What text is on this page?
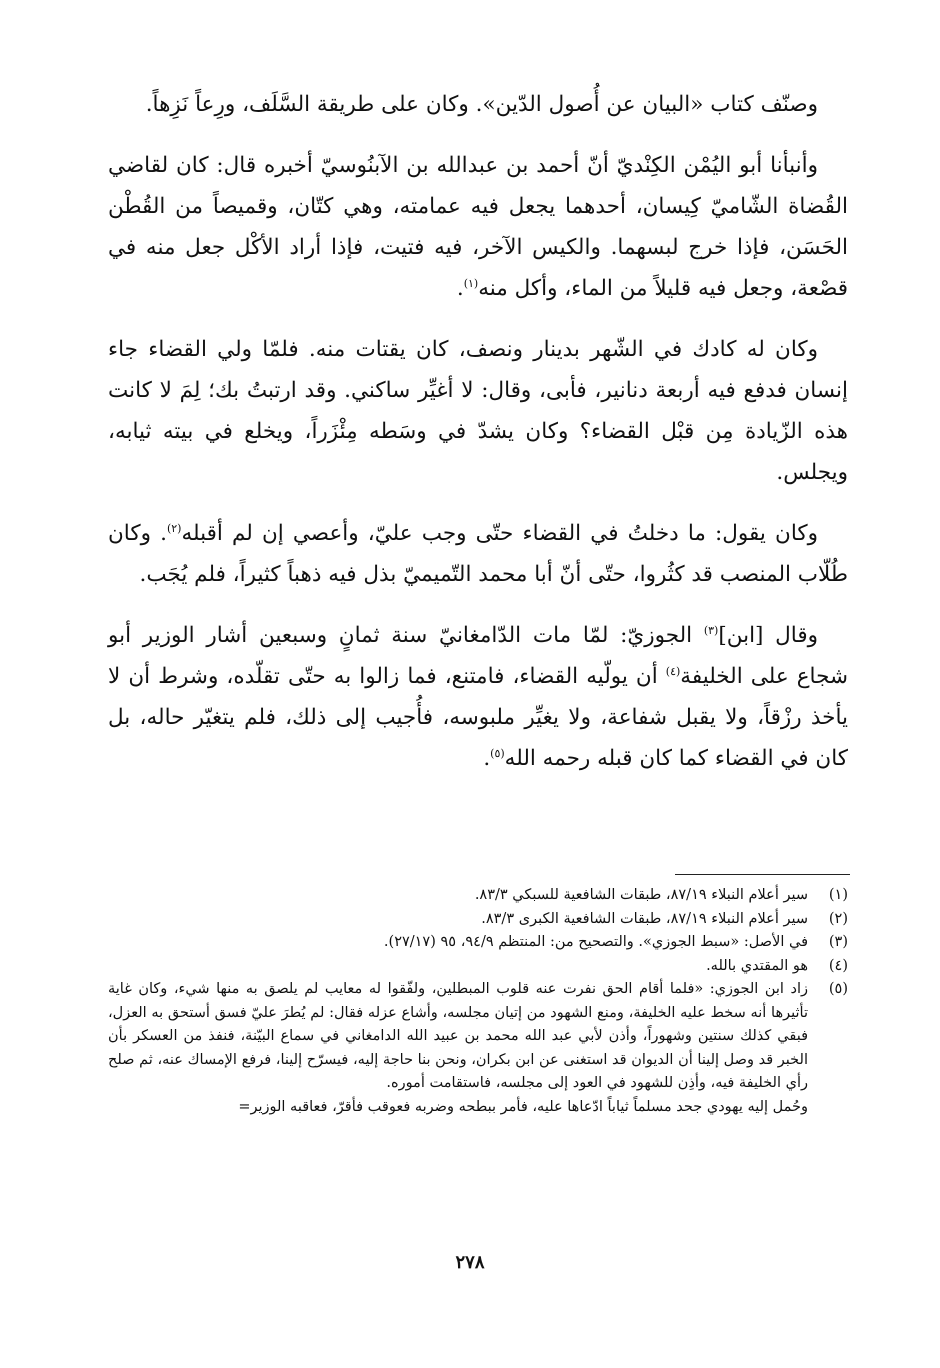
وصنّف كتاب «البيان عن أُصول الدّين». وكان على طريقة السَّلَف، ورِعاً نَزِهاً.

وأنبأنا أبو اليُمْن الكِنْديّ أنّ أحمد بن عبدالله بن الآبنُوسيّ أخبره قال: كان لقاضي القُضاة الشّاميّ كِيسان، أحدهما يجعل فيه عمامته، وهي كتّان، وقميصاً من القُطْن الحَسَن، فإذا خرج لبسهما. والكيس الآخر، فيه فتيت، فإذا أراد الأكْل جعل منه في قصْعة، وجعل فيه قليلاً من الماء، وأكل منه$^{(١)}$.

وكان له كادك في الشّهر بدينار ونصف، كان يقتات منه. فلمّا ولي القضاء جاء إنسان فدفع فيه أربعة دنانير، فأبى، وقال: لا أغيِّر ساكني. وقد ارتبتُ بك؛ لِمَ لا كانت هذه الزّيادة مِن قبْل القضاء؟ وكان يشدّ في وسَطه مِئْزَراً، ويخلع في بيته ثيابه، ويجلس.

وكان يقول: ما دخلتُ في القضاء حتّى وجب عليّ، وأعصي إن لم أقبله$^{(٢)}$. وكان طُلّاب المنصب قد كثُروا، حتّى أنّ أبا محمد التّميميّ بذل فيه ذهباً كثيراً، فلم يُجَب.

وقال [ابن]$^{(٣)}$ الجوزيّ: لمّا مات الدّامغانيّ سنة ثمانٍ وسبعين أشار الوزير أبو شجاع على الخليفة$^{(٤)}$ أن يولّيه القضاء، فامتنع، فما زالوا به حتّى تقلّده، وشرط أن لا يأخذ رزْقاً، ولا يقبل شفاعة، ولا يغيِّر ملبوسه، فأُجيب إلى ذلك، فلم يتغيّر حاله، بل كان في القضاء كما كان قبله رحمه الله$^{(٥)}$.

(١)
سير أعلام النبلاء ٨٧/١٩، طبقات الشافعية للسبكي ٨٣/٣.
(٢)
سير أعلام النبلاء ٨٧/١٩، طبقات الشافعية الكبرى ٨٣/٣.
(٣)
في الأصل: «سبط الجوزي». والتصحيح من: المنتظم ٩٤/٩، ٩٥ (٢٧/١٧).
(٤)
هو المقتدي بالله.
(٥)
زاد ابن الجوزي: «فلما أقام الحق نفرت عنه قلوب المبطلين، ولفّقوا له معايب لم يلصق به منها شيء، وكان غاية تأثيرها أنه سخط عليه الخليفة، ومنع الشهود من إتيان مجلسه، وأشاع عزله فقال: لم يُطرَ عليّ فسق أستحق به العزل، فبقي كذلك سنتين وشهوراً، وأذن لأبي عبد الله محمد بن عبيد الله الدامغاني في سماع البيّنة، فنفذ من العسكر بأن الخبر قد وصل إلينا أن الديوان قد استغنى عن ابن بكران، ونحن بنا حاجة إليه، فيسرّح إلينا، فرفع الإمساك عنه، ثم صلح رأي الخليفة فيه، وأذِن للشهود في العود إلى مجلسه، فاستقامت أموره.
وحُمل إليه يهودي جحد مسلماً ثياباً ادّعاها عليه، فأمر ببطحه وضربه فعوقب فأقرّ، فعاقبه الوزير=
٢٧٨
